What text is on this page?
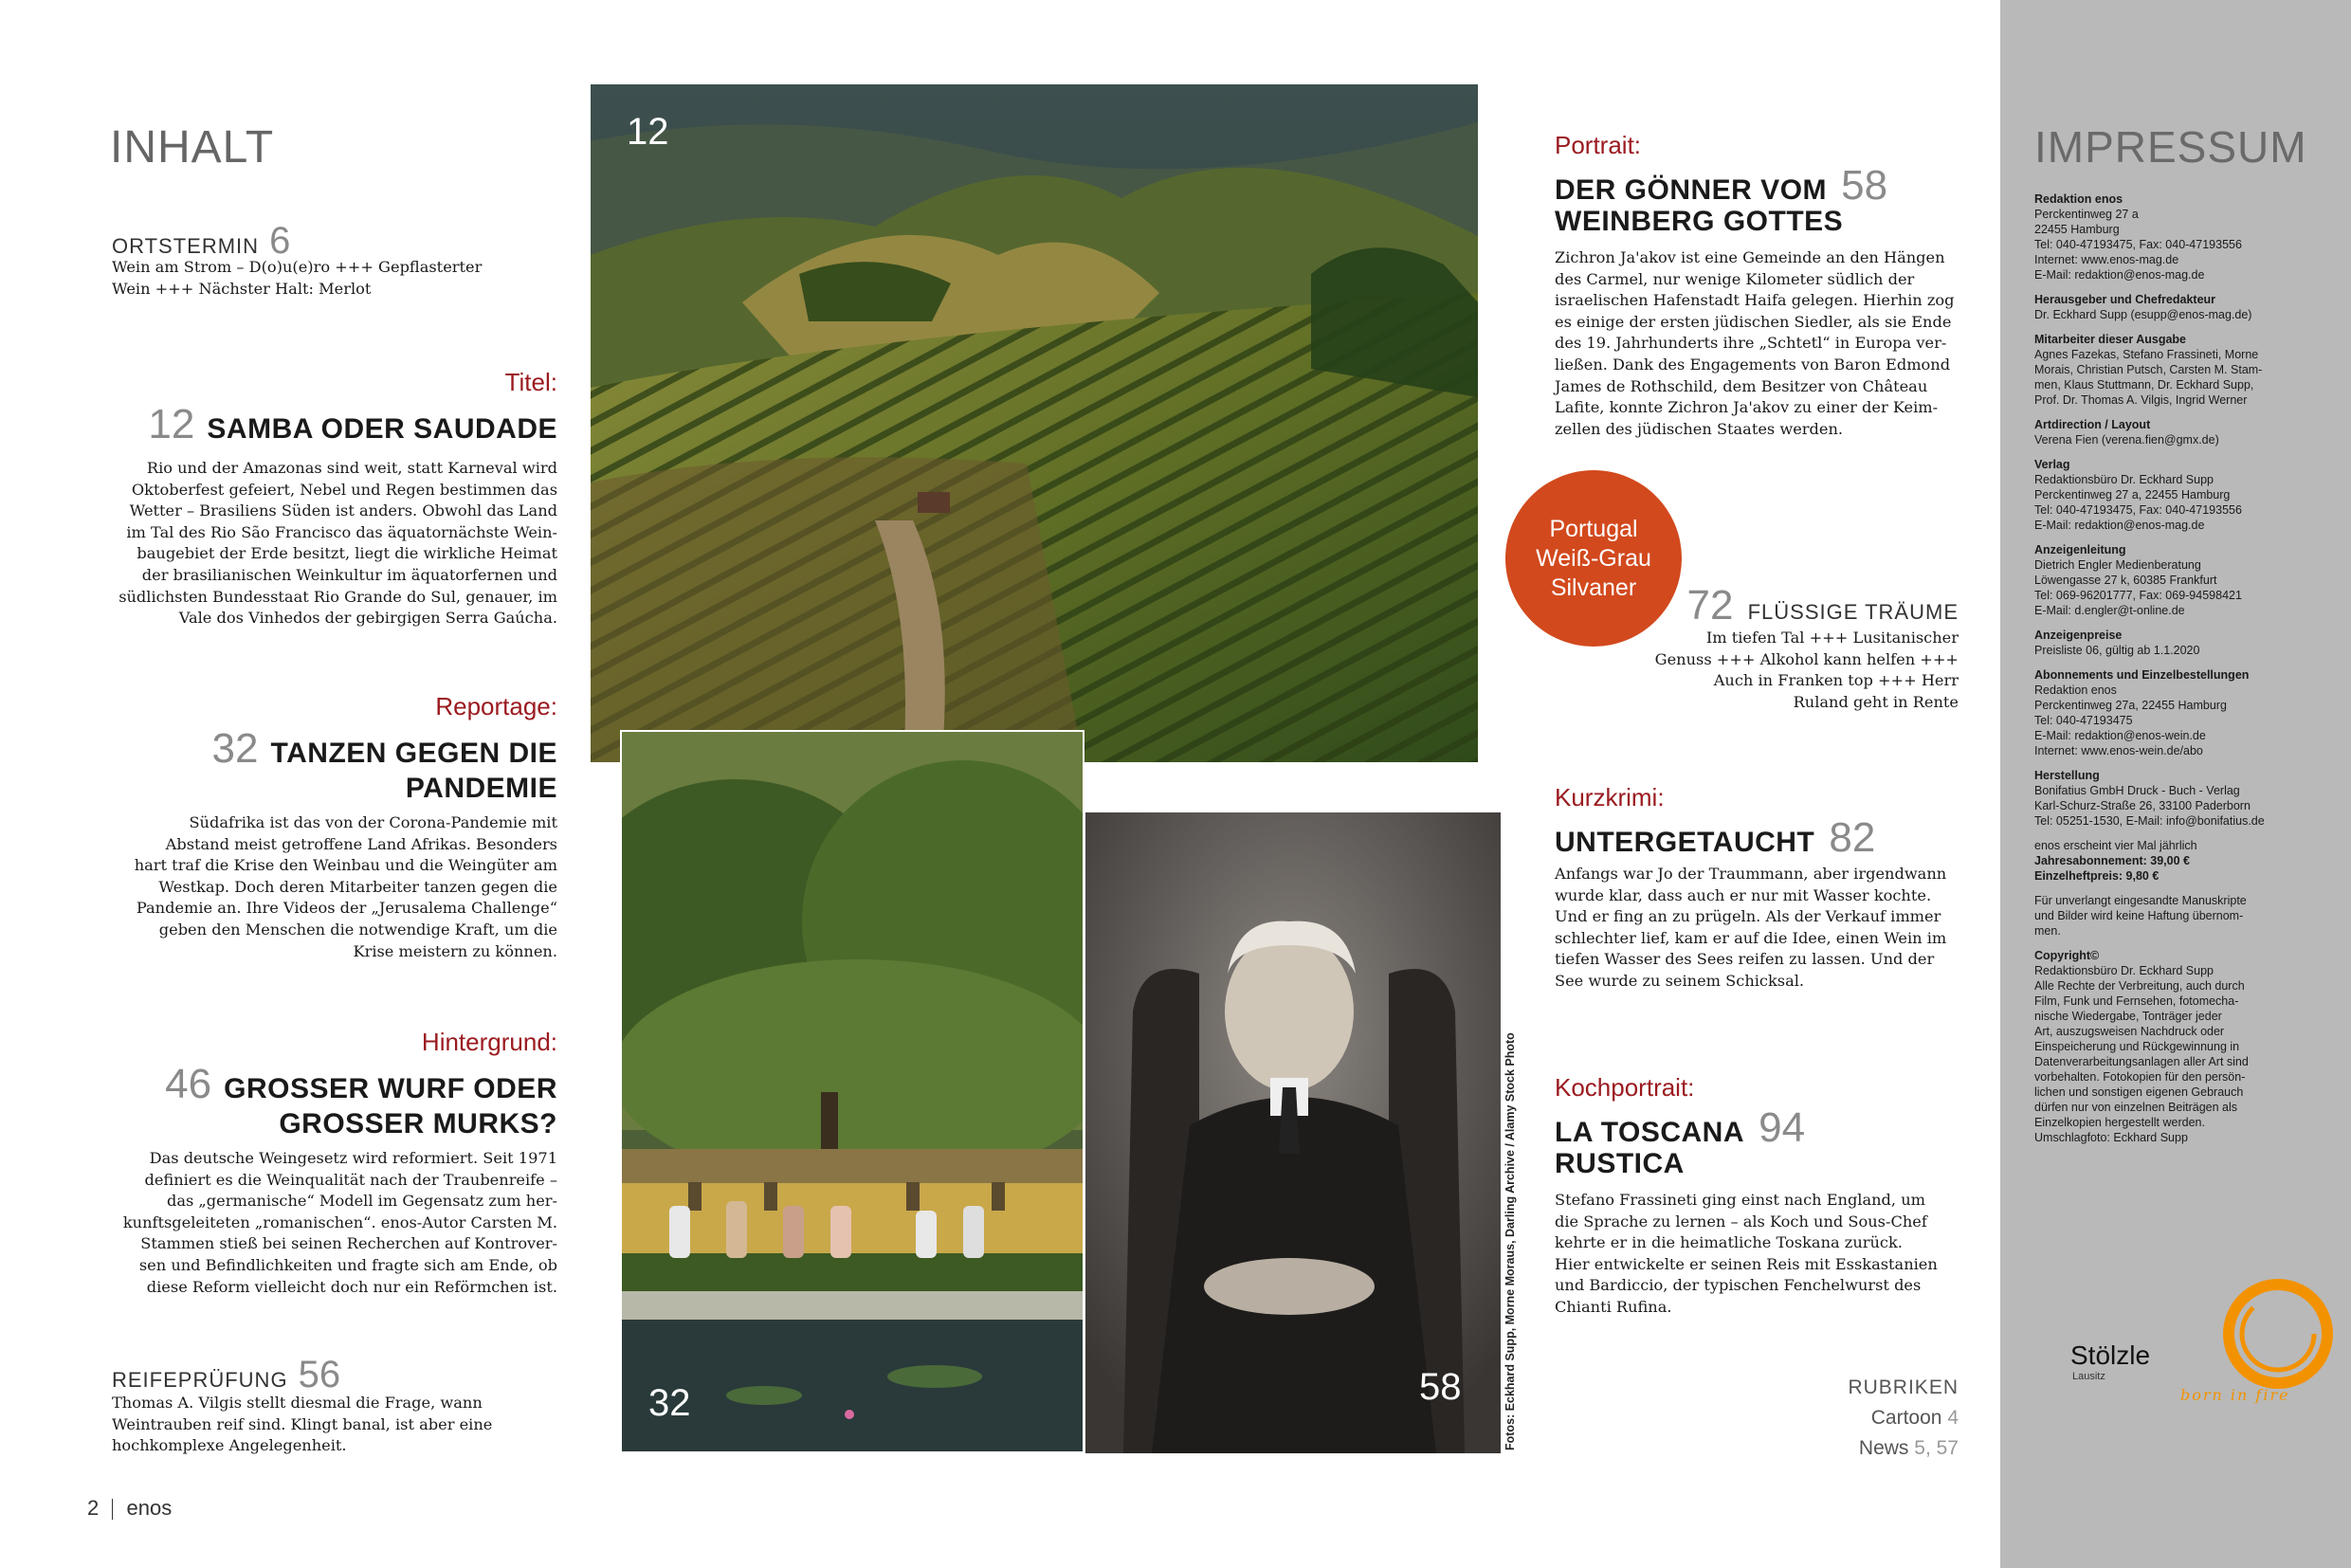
INHALT
ORTSTERMIN 6
Wein am Strom – D(o)u(e)ro +++ Gepflasterter
Wein +++ Nächster Halt: Merlot
Titel:
12 SAMBA ODER SAUDADE
Rio und der Amazonas sind weit, statt Karneval wird
Oktoberfest gefeiert, Nebel und Regen bestimmen das
Wetter – Brasiliens Süden ist anders. Obwohl das Land
im Tal des Rio São Francisco das äquatornächste Wein-
baugebiet der Erde besitzt, liegt die wirkliche Heimat
der brasilianischen Weinkultur im äquatorfernen und
südlichsten Bundesstaat Rio Grande do Sul, genauer, im
Vale dos Vinhedos der gebirgigen Serra Gaúcha.
Reportage:
32 TANZEN GEGEN DIE
PANDEMIE
Südafrika ist das von der Corona-Pandemie mit
Abstand meist getroffene Land Afrikas. Besonders
hart traf die Krise den Weinbau und die Weingüter am
Westkap. Doch deren Mitarbeiter tanzen gegen die
Pandemie an. Ihre Videos der „Jerusalema Challenge“
geben den Menschen die notwendige Kraft, um die
Krise meistern zu können.
Hintergrund:
46 GROSSER WURF ODER
GROSSER MURKS?
Das deutsche Weingesetz wird reformiert. Seit 1971
definiert es die Weinqualität nach der Traubenreife –
das „germanische“ Modell im Gegensatz zum her-
kunftsgeleiteten „romanischen“. enos-Autor Carsten M.
Stammen stieß bei seinen Recherchen auf Kontrover-
sen und Befindlichkeiten und fragte sich am Ende, ob
diese Reform vielleicht doch nur ein Reförmchen ist.
REIFEPRÜFUNG 56
Thomas A. Vilgis stellt diesmal die Frage, wann
Weintrauben reif sind. Klingt banal, ist aber eine
hochkomplexe Angelegenheit.
2 enos
12
32	58	Fotos: Eckhard Supp, Morne Moraus, Darling Archive / Alamy Stock Photo
Portrait:
DER GÖNNER VOM 58
WEINBERG GOTTES
Zichron Ja'akov ist eine Gemeinde an den Hängen
des Carmel, nur wenige Kilometer südlich der
israelischen Hafenstadt Haifa gelegen. Hierhin zog
es einige der ersten jüdischen Siedler, als sie Ende
des 19. Jahrhunderts ihre „Schtetl“ in Europa ver-
ließen. Dank des Engagements von Baron Edmond
James de Rothschild, dem Besitzer von Château
Lafite, konnte Zichron Ja'akov zu einer der Keim-
zellen des jüdischen Staates werden.
Portugal
Weiß-Grau
Silvaner	72 FLÜSSIGE TRÄUME
Im tiefen Tal +++ Lusitanischer
Genuss +++ Alkohol kann helfen +++
Auch in Franken top +++ Herr
Ruland geht in Rente
Kurzkrimi:
UNTERGETAUCHT 82
Anfangs war Jo der Traummann, aber irgendwann
wurde klar, dass auch er nur mit Wasser kochte.
Und er fing an zu prügeln. Als der Verkauf immer
schlechter lief, kam er auf die Idee, einen Wein im
tiefen Wasser des Sees reifen zu lassen. Und der
See wurde zu seinem Schicksal.
Kochportrait:
LA TOSCANA 94
RUSTICA
Stefano Frassineti ging einst nach England, um
die Sprache zu lernen – als Koch und Sous-Chef
kehrte er in die heimatliche Toskana zurück.
Hier entwickelte er seinen Reis mit Esskastanien
und Bardiccio, der typischen Fenchelwurst des
Chianti Rufina.
RUBRIKEN
Cartoon 4
News 5, 57
IMPRESSUM
Redaktion enos
Perckentinweg 27 a
22455 Hamburg
Tel: 040-47193475, Fax: 040-47193556
Internet: www.enos-mag.de
E-Mail: redaktion@enos-mag.de
Herausgeber und Chefredakteur
Dr. Eckhard Supp (esupp@enos-mag.de)
Mitarbeiter dieser Ausgabe
Agnes Fazekas, Stefano Frassineti, Morne
Morais, Christian Putsch, Carsten M. Stam-
men, Klaus Stuttmann, Dr. Eckhard Supp,
Prof. Dr. Thomas A. Vilgis, Ingrid Werner
Artdirection / Layout
Verena Fien (verena.fien@gmx.de)
Verlag
Redaktionsbüro Dr. Eckhard Supp
Perckentinweg 27 a, 22455 Hamburg
Tel: 040-47193475, Fax: 040-47193556
E-Mail: redaktion@enos-mag.de
Anzeigenleitung
Dietrich Engler Medienberatung
Löwengasse 27 k, 60385 Frankfurt
Tel: 069-96201777, Fax: 069-94598421
E-Mail: d.engler@t-online.de
Anzeigenpreise
Preisliste 06, gültig ab 1.1.2020
Abonnements und Einzelbestellungen
Redaktion enos
Perckentinweg 27a, 22455 Hamburg
Tel: 040-47193475
E-Mail: redaktion@enos-wein.de
Internet: www.enos-wein.de/abo
Herstellung
Bonifatius GmbH Druck - Buch - Verlag
Karl-Schurz-Straße 26, 33100 Paderborn
Tel: 05251-1530, E-Mail: info@bonifatius.de
enos erscheint vier Mal jährlich
Jahresabonnement: 39,00 €
Einzelheftpreis: 9,80 €
Für unverlangt eingesandte Manuskripte
und Bilder wird keine Haftung übernom-
men.
Copyright©
Redaktionsbüro Dr. Eckhard Supp
Alle Rechte der Verbreitung, auch durch
Film, Funk und Fernsehen, fotomecha-
nische Wiedergabe, Tonträger jeder
Art, auszugsweisen Nachdruck oder
Einspeicherung und Rückgewinnung in
Datenverarbeitungsanlagen aller Art sind
vorbehalten. Fotokopien für den persön-
lichen und sonstigen eigenen Gebrauch
dürfen nur von einzelnen Beiträgen als
Einzelkopien hergestellt werden.
Umschlagfoto: Eckhard Supp
Stölzle
Lausitz
born in fire
